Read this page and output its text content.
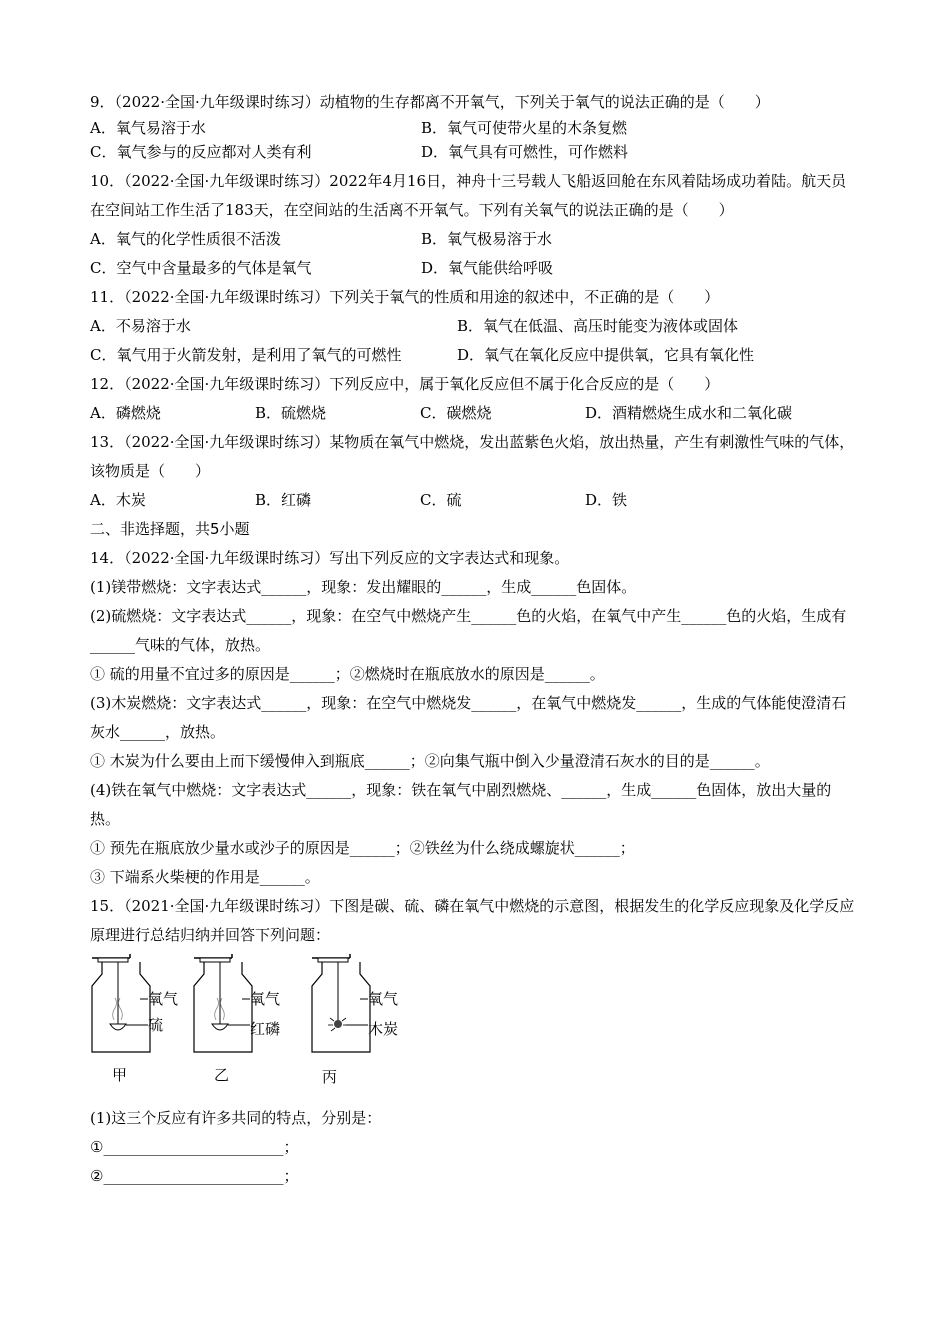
9．（2022·全国·九年级课时练习）动植物的生存都离不开氧气，下列关于氧气的说法正确的是（　　）
A．氧气易溶于水	B．氧气可使带火星的木条复燃
C．氧气参与的反应都对人类有利	D．氧气具有可燃性，可作燃料
10．（2022·全国·九年级课时练习）2022年4月16日，神舟十三号载人飞船返回舱在东风着陆场成功着陆。航天员在空间站工作生活了183天，在空间站的生活离不开氧气。下列有关氧气的说法正确的是（　　）
A．氧气的化学性质很不活泼	B．氧气极易溶于水
C．空气中含量最多的气体是氧气	D．氧气能供给呼吸
11．（2022·全国·九年级课时练习）下列关于氧气的性质和用途的叙述中，不正确的是（　　）
A．不易溶于水	B．氧气在低温、高压时能变为液体或固体
C．氧气用于火箭发射，是利用了氧气的可燃性	D．氧气在氧化反应中提供氧，它具有氧化性
12．（2022·全国·九年级课时练习）下列反应中，属于氧化反应但不属于化合反应的是（　　）
A．磷燃烧	B．硫燃烧	C．碳燃烧	D．酒精燃烧生成水和二氧化碳
13．（2022·全国·九年级课时练习）某物质在氧气中燃烧，发出蓝紫色火焰，放出热量，产生有刺激性气味的气体，该物质是（　　）
A．木炭	B．红磷	C．硫	D．铁
二、非选择题，共5小题
14．（2022·全国·九年级课时练习）写出下列反应的文字表达式和现象。
(1)镁带燃烧：文字表达式______，现象：发出耀眼的______，生成______色固体。
(2)硫燃烧：文字表达式______，现象：在空气中燃烧产生______色的火焰，在氧气中产生______色的火焰，生成有______气味的气体，放热。
① 硫的用量不宜过多的原因是______；②燃烧时在瓶底放水的原因是______。
(3)木炭燃烧：文字表达式______，现象：在空气中燃烧发______，在氧气中燃烧发______，生成的气体能使澄清石灰水______，放热。
① 木炭为什么要由上而下缓慢伸入到瓶底______；②向集气瓶中倒入少量澄清石灰水的目的是______。
(4)铁在氧气中燃烧：文字表达式______，现象：铁在氧气中剧烈燃烧、______，生成______色固体，放出大量的热。
① 预先在瓶底放少量水或沙子的原因是______；②铁丝为什么绕成螺旋状______；
③ 下端系火柴梗的作用是______。
15．（2021·全国·九年级课时练习）下图是碳、硫、磷在氧气中燃烧的示意图，根据发生的化学反应现象及化学反应原理进行总结归纳并回答下列问题：
氧气
硫
甲
氧气
红磷
乙
氧气
木炭
丙
(1)这三个反应有许多共同的特点，分别是：
①________________________；
②________________________；
